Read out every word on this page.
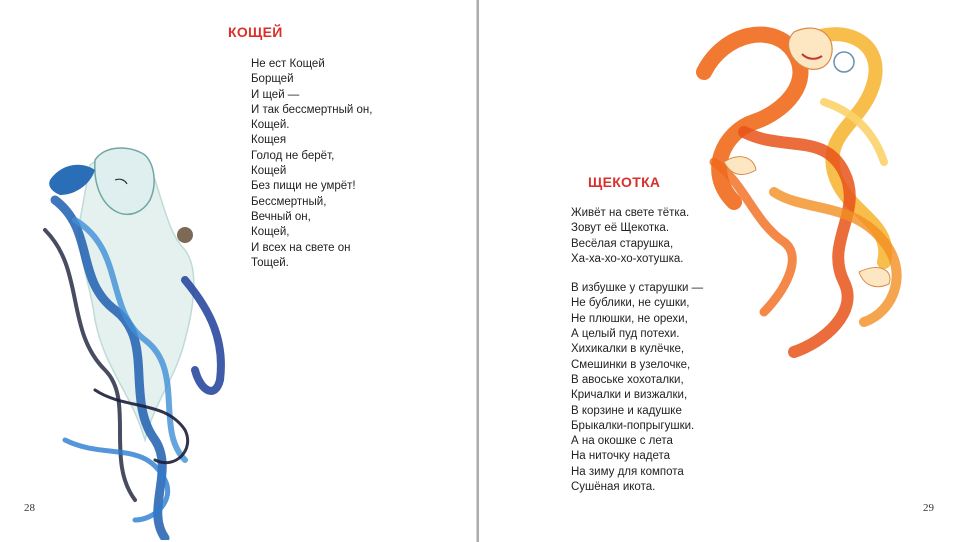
КОЩЕЙ
Не ест Кощей
Борщей
И щей —
И так бессмертный он,
Кощей.
Кощея
Голод не берёт,
Кощей
Без пищи не умрёт!
Бессмертный,
Вечный он,
Кощей,
И всех на свете он
Тощей.
28
ЩЕКОТКА
Живёт на свете тётка.
Зовут её Щекотка.
Весёлая старушка,
Ха-ха-хо-хо-хотушка.
В избушке у старушки —
Не бублики, не сушки,
Не плюшки, не орехи,
А целый пуд потехи.
Хихикалки в кулёчке,
Смешинки в узелочке,
В авоське хохоталки,
Кричалки и визжалки,
В корзине и кадушке
Брыкалки-попрыгушки.
А на окошке с лета
На ниточку надета
На зиму для компота
Сушёная икота.
29
